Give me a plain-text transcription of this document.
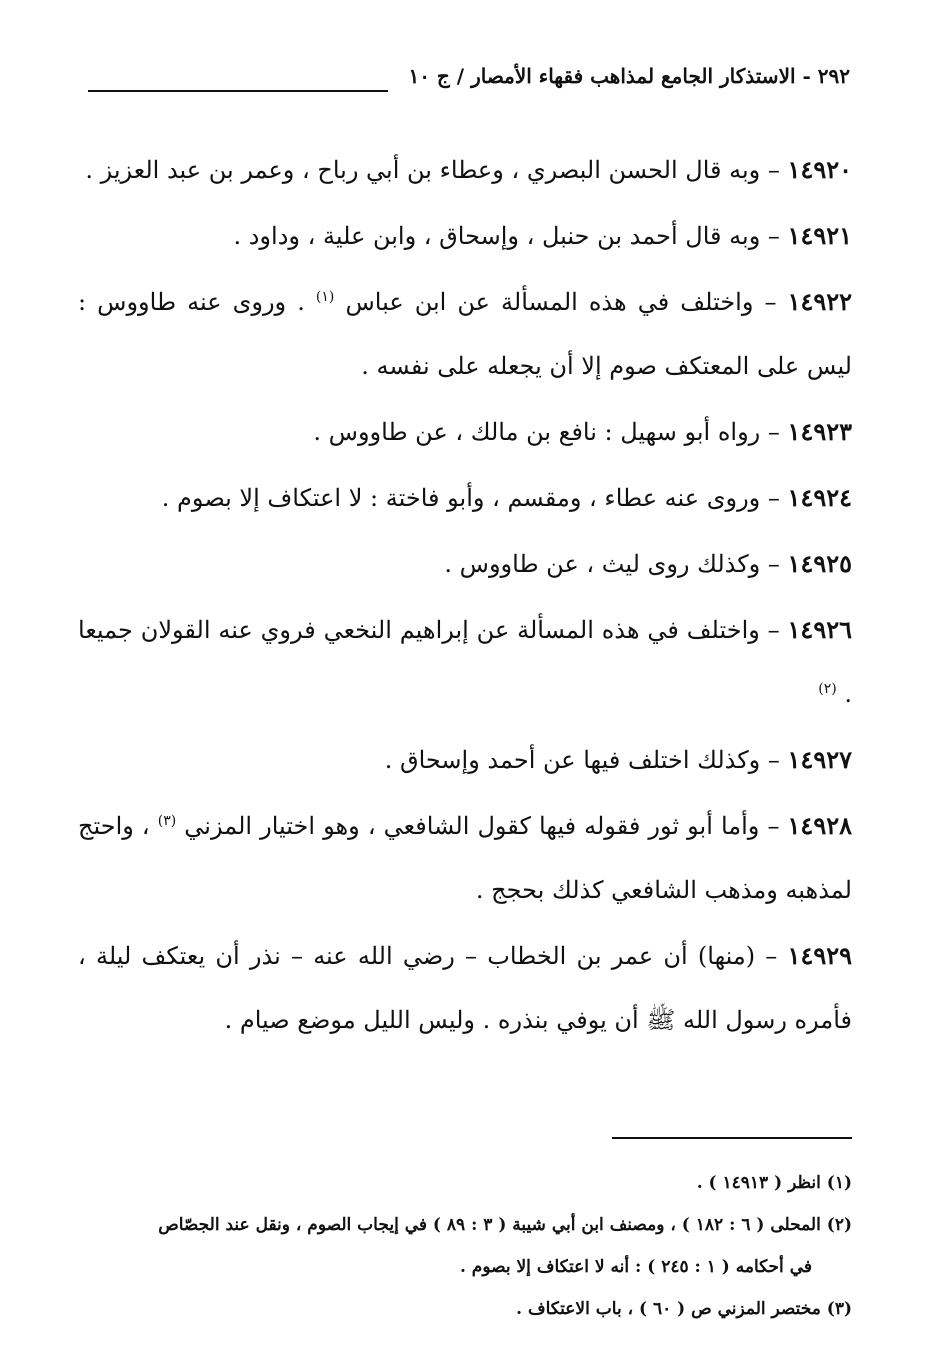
٢٩٢ - الاستذكار الجامع لمذاهب فقهاء الأمصار / ج ١٠

١٤٩٢٠ – وبه قال الحسن البصري ، وعطاء بن أبي رباح ، وعمر بن عبد العزيز .

١٤٩٢١ – وبه قال أحمد بن حنبل ، وإسحاق ، وابن علية ، وداود .

١٤٩٢٢ – واختلف في هذه المسألة عن ابن عباس $^{(١)}$ . وروى عنه طاووس : ليس على المعتكف صوم إلا أن يجعله على نفسه .

١٤٩٢٣ – رواه أبو سهيل : نافع بن مالك ، عن طاووس .

١٤٩٢٤ – وروى عنه عطاء ، ومقسم ، وأبو فاختة : لا اعتكاف إلا بصوم .

١٤٩٢٥ – وكذلك روى ليث ، عن طاووس .

١٤٩٢٦ – واختلف في هذه المسألة عن إبراهيم النخعي فروي عنه القولان جميعا . $^{(٢)}$

١٤٩٢٧ – وكذلك اختلف فيها عن أحمد وإسحاق .

١٤٩٢٨ – وأما أبو ثور فقوله فيها كقول الشافعي ، وهو اختيار المزني $^{(٣)}$ ، واحتج لمذهبه ومذهب الشافعي كذلك بحجج .

١٤٩٢٩ – (منها) أن عمر بن الخطاب – رضي الله عنه – نذر أن يعتكف ليلة ، فأمره رسول الله ﷺ أن يوفي بنذره . وليس الليل موضع صيام .

(١) انظر ( ١٤٩١٣ ) .

(٢) المحلى ( ٦ : ١٨٢ ) ، ومصنف ابن أبي شيبة ( ٣ : ٨٩ ) في إيجاب الصوم ، ونقل عند الجصّاص

في أحكامه ( ١ : ٢٤٥ ) : أنه لا اعتكاف إلا بصوم .

(٣) مختصر المزني ص ( ٦٠ ) ، باب الاعتكاف .
